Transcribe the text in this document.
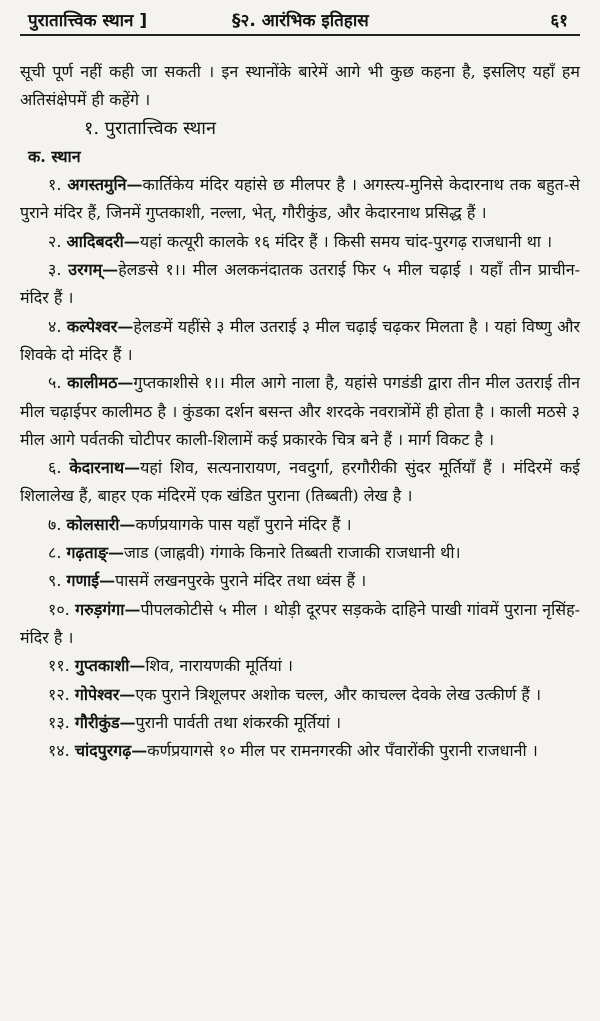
पुरातात्त्विक स्थान ]	§२. आरंभिक इतिहास	६१

सूची पूर्ण नहीं कही जा सकती । इन स्थानोंके बारेमें आगे भी कुछ कहना है, इसलिए यहाँ हम अतिसंक्षेपमें ही कहेंगे ।

१. पुरातात्त्विक स्थान

क. स्थान

१. अगस्तमुनि—कार्तिकेय मंदिर यहांसे छ मीलपर है । अगस्त्य-मुनिसे केदारनाथ तक बहुत-से पुराने मंदिर हैं, जिनमें गुप्तकाशी, नल्ला, भेत्, गौरीकुंड, और केदारनाथ प्रसिद्ध हैं ।

२. आदिबदरी—यहां कत्यूरी कालके १६ मंदिर हैं । किसी समय चांद-पुरगढ़ राजधानी था ।

३. उरगम्—हेलङसे १।। मील अलकनंदातक उतराई फिर ५ मील चढ़ाई । यहाँ तीन प्राचीन-मंदिर हैं ।

४. कल्पेश्वर—हेलङमें यहींसे ३ मील उतराई ३ मील चढ़ाई चढ़कर मिलता है । यहां विष्णु और शिवके दो मंदिर हैं ।

५. कालीमठ—गुप्तकाशीसे १।। मील आगे नाला है, यहांसे पगडंडी द्वारा तीन मील उतराई तीन मील चढ़ाईपर कालीमठ है । कुंडका दर्शन बसन्त और शरदके नवरात्रोंमें ही होता है । काली मठसे ३ मील आगे पर्वतकी चोटीपर काली-शिलामें कई प्रकारके चित्र बने हैं । मार्ग विकट है ।

६. केदारनाथ—यहां शिव, सत्यनारायण, नवदुर्गा, हरगौरीकी सुंदर मूर्तियाँ हैं । मंदिरमें कई शिलालेख हैं, बाहर एक मंदिरमें एक खंडित पुराना (तिब्बती) लेख है ।

७. कोलसारी—कर्णप्रयागके पास यहाँ पुराने मंदिर हैं ।

८. गढ़ताङ्—जाड (जाह्नवी) गंगाके किनारे तिब्बती राजाकी राजधानी थी।

९. गणाई—पासमें लखनपुरके पुराने मंदिर तथा ध्वंस हैं ।

१०. गरुड़गंगा—पीपलकोटीसे ५ मील । थोड़ी दूरपर सड़कके दाहिने पाखी गांवमें पुराना नृसिंह-मंदिर है ।

११. गुप्तकाशी—शिव, नारायणकी मूर्तियां ।

१२. गोपेश्वर—एक पुराने त्रिशूलपर अशोक चल्ल, और काचल्ल देवके लेख उत्कीर्ण हैं ।

१३. गौरीकुंड—पुरानी पार्वती तथा शंकरकी मूर्तियां ।

१४. चांदपुरगढ़—कर्णप्रयागसे १० मील पर रामनगरकी ओर पँवारोंकी पुरानी राजधानी ।
